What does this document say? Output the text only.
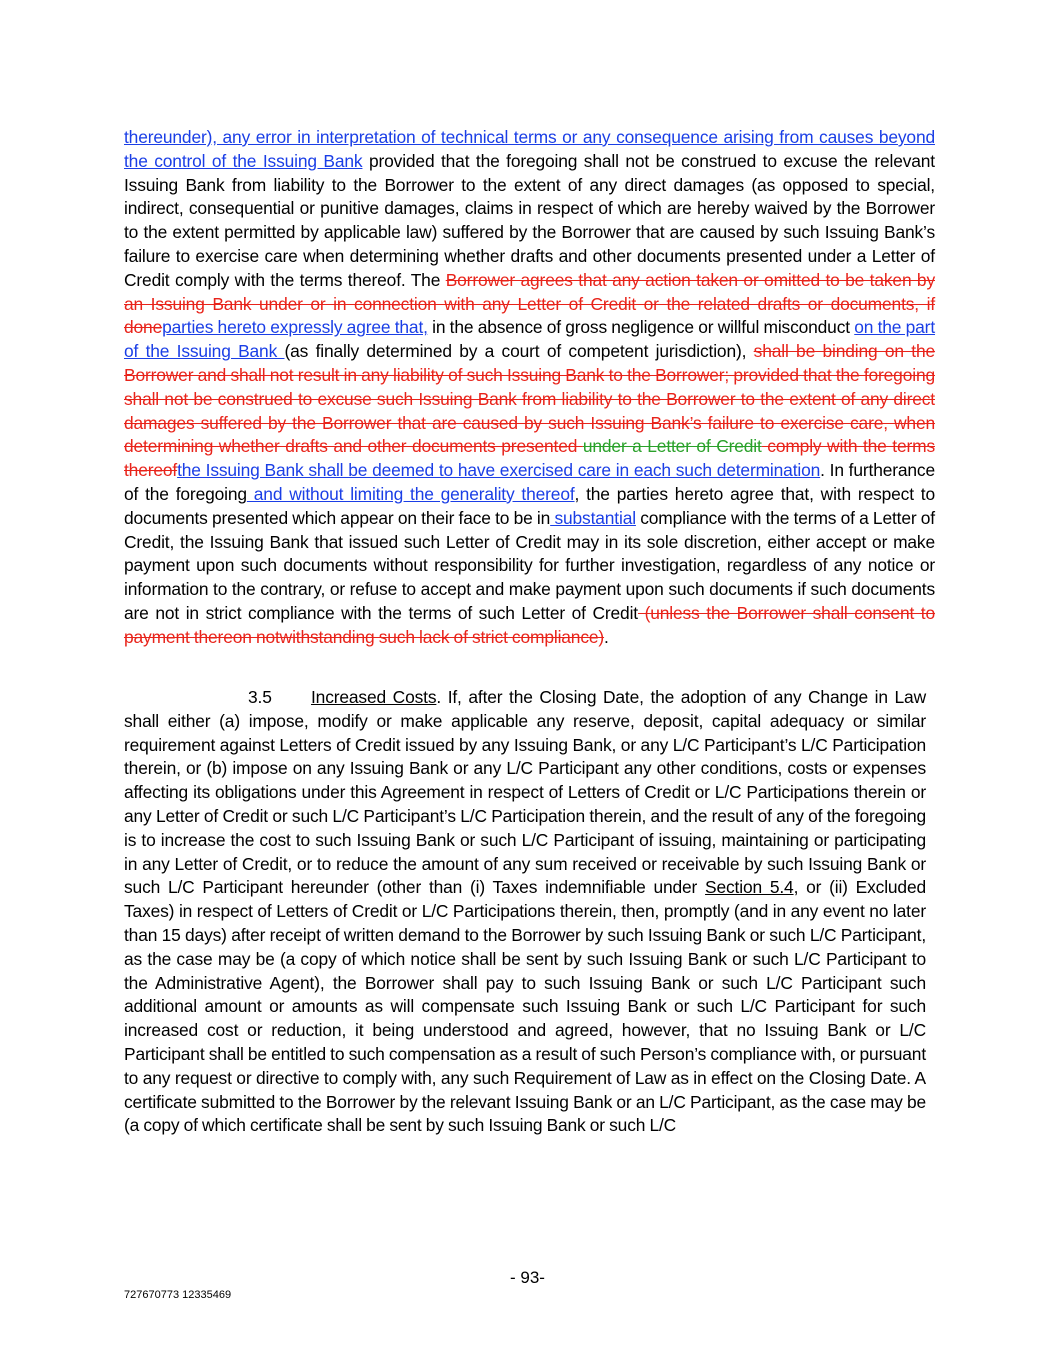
thereunder), any error in interpretation of technical terms or any consequence arising from causes beyond the control of the Issuing Bank provided that the foregoing shall not be construed to excuse the relevant Issuing Bank from liability to the Borrower to the extent of any direct damages (as opposed to special, indirect, consequential or punitive damages, claims in respect of which are hereby waived by the Borrower to the extent permitted by applicable law) suffered by the Borrower that are caused by such Issuing Bank’s failure to exercise care when determining whether drafts and other documents presented under a Letter of Credit comply with the terms thereof. The Borrower agrees that any action taken or omitted to be taken by an Issuing Bank under or in connection with any Letter of Credit or the related drafts or documents, if doneparties hereto expressly agree that, in the absence of gross negligence or willful misconduct on the part of the Issuing Bank (as finally determined by a court of competent jurisdiction), shall be binding on the Borrower and shall not result in any liability of such Issuing Bank to the Borrower; provided that the foregoing shall not be construed to excuse such Issuing Bank from liability to the Borrower to the extent of any direct damages suffered by the Borrower that are caused by such Issuing Bank’s failure to exercise care, when determining whether drafts and other documents presented under a Letter of Credit comply with the terms thereofthe Issuing Bank shall be deemed to have exercised care in each such determination. In furtherance of the foregoing and without limiting the generality thereof, the parties hereto agree that, with respect to documents presented which appear on their face to be in substantial compliance with the terms of a Letter of Credit, the Issuing Bank that issued such Letter of Credit may in its sole discretion, either accept or make payment upon such documents without responsibility for further investigation, regardless of any notice or information to the contrary, or refuse to accept and make payment upon such documents if such documents are not in strict compliance with the terms of such Letter of Credit (unless the Borrower shall consent to payment thereon notwithstanding such lack of strict compliance).
3.5 Increased Costs. If, after the Closing Date, the adoption of any Change in Law shall either (a) impose, modify or make applicable any reserve, deposit, capital adequacy or similar requirement against Letters of Credit issued by any Issuing Bank, or any L/C Participant’s L/C Participation therein, or (b) impose on any Issuing Bank or any L/C Participant any other conditions, costs or expenses affecting its obligations under this Agreement in respect of Letters of Credit or L/C Participations therein or any Letter of Credit or such L/C Participant’s L/C Participation therein, and the result of any of the foregoing is to increase the cost to such Issuing Bank or such L/C Participant of issuing, maintaining or participating in any Letter of Credit, or to reduce the amount of any sum received or receivable by such Issuing Bank or such L/C Participant hereunder (other than (i) Taxes indemnifiable under Section 5.4, or (ii) Excluded Taxes) in respect of Letters of Credit or L/C Participations therein, then, promptly (and in any event no later than 15 days) after receipt of written demand to the Borrower by such Issuing Bank or such L/C Participant, as the case may be (a copy of which notice shall be sent by such Issuing Bank or such L/C Participant to the Administrative Agent), the Borrower shall pay to such Issuing Bank or such L/C Participant such additional amount or amounts as will compensate such Issuing Bank or such L/C Participant for such increased cost or reduction, it being understood and agreed, however, that no Issuing Bank or L/C Participant shall be entitled to such compensation as a result of such Person’s compliance with, or pursuant to any request or directive to comply with, any such Requirement of Law as in effect on the Closing Date. A certificate submitted to the Borrower by the relevant Issuing Bank or an L/C Participant, as the case may be (a copy of which certificate shall be sent by such Issuing Bank or such L/C
- 93-
727670773 12335469
